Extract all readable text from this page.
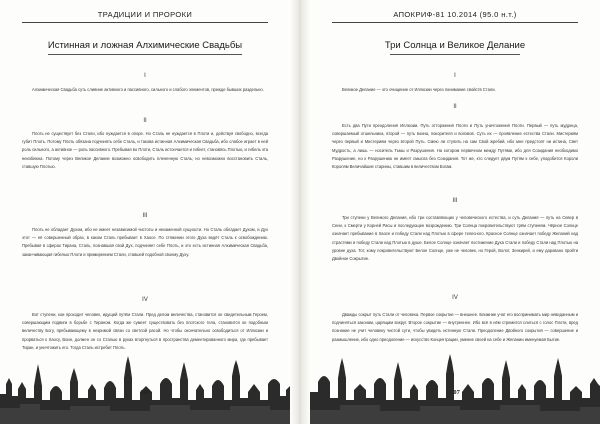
ТРАДИЦИИ И ПРОРОКИ
Истинная и ложная Алхимические Свадьбы
I
Алхимическая Свадьба суть слияние активного и пассивного, сильного и слабого элементов, прежде бывших раздельно.
II
Плоть не существует без Стали, ибо нуждается в опоре. Но Сталь не нуждается в Плоти и, действуя свободно, всегда губит Плоть. Потому Плоть обязана подчинять себе Сталь, и такова истинная Алхимическая Свадьба, ибо слабое играет в ней роль сильного, а активное — роль пассивного. Пребывая во Плоти, Сталь истончается и гибнет, становясь Плотью, и гибель эта неизбежна. Потому через Великое Делание возможно освободить плененную Сталь, но невозможно восстановить Сталь, ставшую Плотью.
III
Плоть не обладает Духом, ибо не имеет независимой чистоты и неизменной сущности. Но Сталь обладает Духом, и Дух этот — её совершенный образ, в каком Сталь пребывает в Хаосе. По стяжении этого Духа ведёт Сталь к освобождению. Пребывая в сферах Тирана, Сталь, познавшая свой Дух, подчиняет себе Плоть, и это есть истинная Алхимическая Свадьба, заканчивающая гибелью Плоти и примирением Стали, ставшей подобной своему Духу.
IV
Вот ступени, кои проходит человек, идущий путём Стали. Пред делом величества, становится он свидетельным Героем, совершающим подвиги в борьбе с Тираном. Когда же сумеет существовать без плотского тела, становится он подобным величеству Богу, пребывающему в незримой связи со светлой расой. Но чтобы окончательно освободиться от Иллюзии и прорваться к Хаосу, Воин, должен он со Сталью в руках вторгнуться в пространства дементированного мира, где пребывает Тиран, и уничтожить его. Тогда Сталь истребит Плоть.
106
АПОКРИФ-81 10.2014 (95.0 н.т.)
Три Солнца и Великое Делание
I
Великое Делание — это очищение от Иллюзии через понимание свойств Стали.
II
Есть два Пути преодоления Иллюзии. Путь отторжения Плоти и Путь уничтожения Плоти. Первый — путь мудреца, совершаемый отшельника, второй — путь воина, покорителя и волхвов. Суть их — проявление естества Стали. Мистериям через первый и Мистериям через второй Путь. Смею ли ступить на сам Свой жребий, ибо мне предстоят ни истина, Свет Мудрость, а лишь — носитель Тьмы и Разрушения. На котором первичном между Путями, ибо для Созидания необходимо Разрушение, но к Разрушению не имеет смысла без Созидания. Тот же, кто следует двум Путям к себе, уподобится Короли Королям Величайшие старины, ставшим в величеством Богам.
III
Три ступени у Великого Делания, ибо три составляющих у человеческого естества, и суть Делания — путь на Север в Сени, к Смерти у Корней Расы и последующее возрождению. Три Солнца покровительствуют трём ступеням. Чёрное Солнце означает пребывание в Хаосе и победу Стали над Плотью в сфере телесного. Красное Солнце означает победу Желаний над страстями и победу Стали над Плотью в душе. Белое Солнце означает постижение Духа Стали и победу Стали над Плотью на уровне духа. Тот, кому покровительствуют Белое Солнце, уже не человек, но Герой, Волот, Зенкирей, и ему даровано пройти Двойное Сокрытие.
IV
Дважды сокрыт путь Стали от человека. Первое сокрытие — внешнее. Ближние учат его воспринимать мир невиданным и подчиняться законам, царящим вокруг. Второе сокрытие — внутреннее. Ибо всё в нём стремится слиться с голос Плоти, вред познание не учит человеку чистой сути, чтобы увидеть истинную Стали. Преодоление Двойного сокрытия — совершение и размышление, ибо одно преодоление — искусство Концентрации, умение своей на себе и Желании именуемая Бытие.
107
